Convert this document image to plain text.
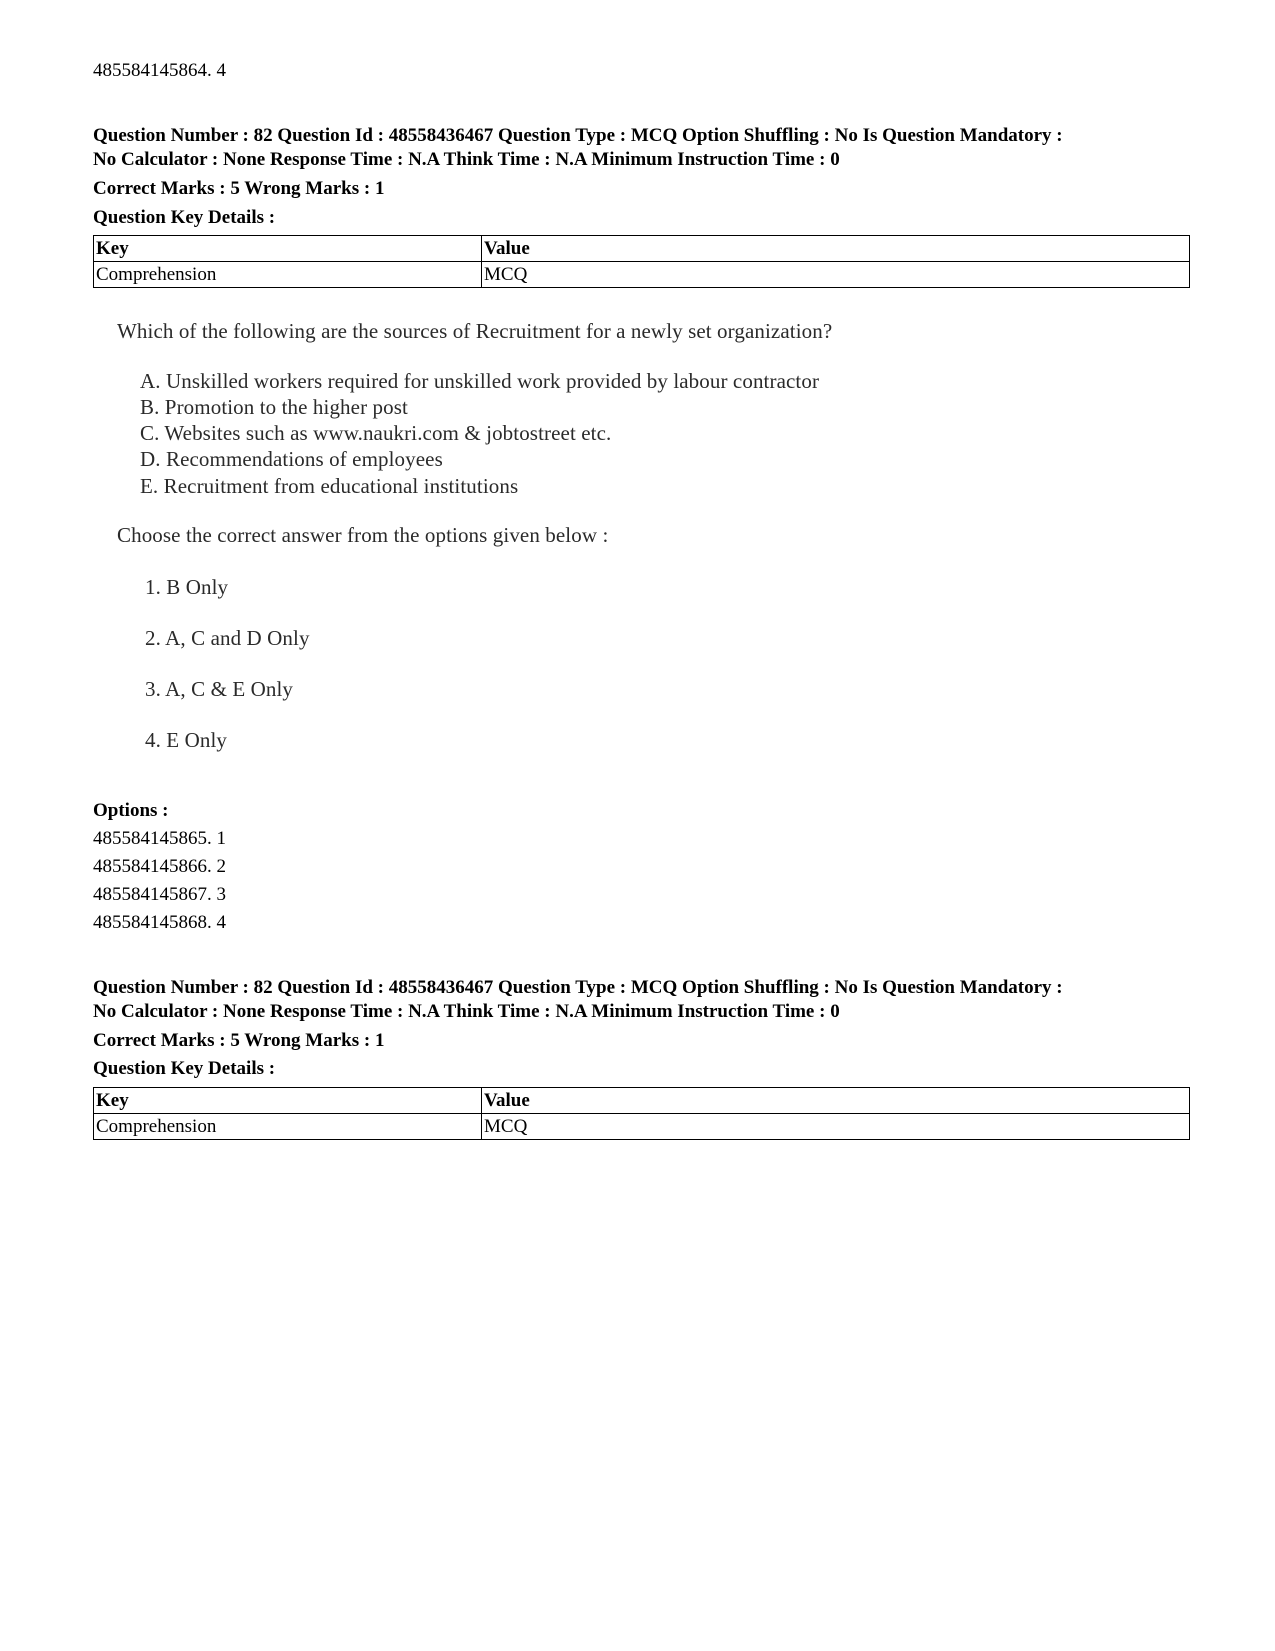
485584145864. 4
Question Number : 82 Question Id : 48558436467 Question Type : MCQ Option Shuffling : No Is Question Mandatory :
No Calculator : None Response Time : N.A Think Time : N.A Minimum Instruction Time : 0
Correct Marks : 5 Wrong Marks : 1
Question Key Details :
Key	Value
Comprehension	MCQ
Which of the following are the sources of Recruitment for a newly set organization?
A. Unskilled workers required for unskilled work provided by labour contractor
B. Promotion to the higher post
C. Websites such as www.naukri.com & jobtostreet etc.
D. Recommendations of employees
E. Recruitment from educational institutions
Choose the correct answer from the options given below :
1. B Only
2. A, C and D Only
3. A, C & E Only
4. E Only
Options :
485584145865. 1
485584145866. 2
485584145867. 3
485584145868. 4
Question Number : 82 Question Id : 48558436467 Question Type : MCQ Option Shuffling : No Is Question Mandatory :
No Calculator : None Response Time : N.A Think Time : N.A Minimum Instruction Time : 0
Correct Marks : 5 Wrong Marks : 1
Question Key Details :
Key	Value
Comprehension	MCQ
